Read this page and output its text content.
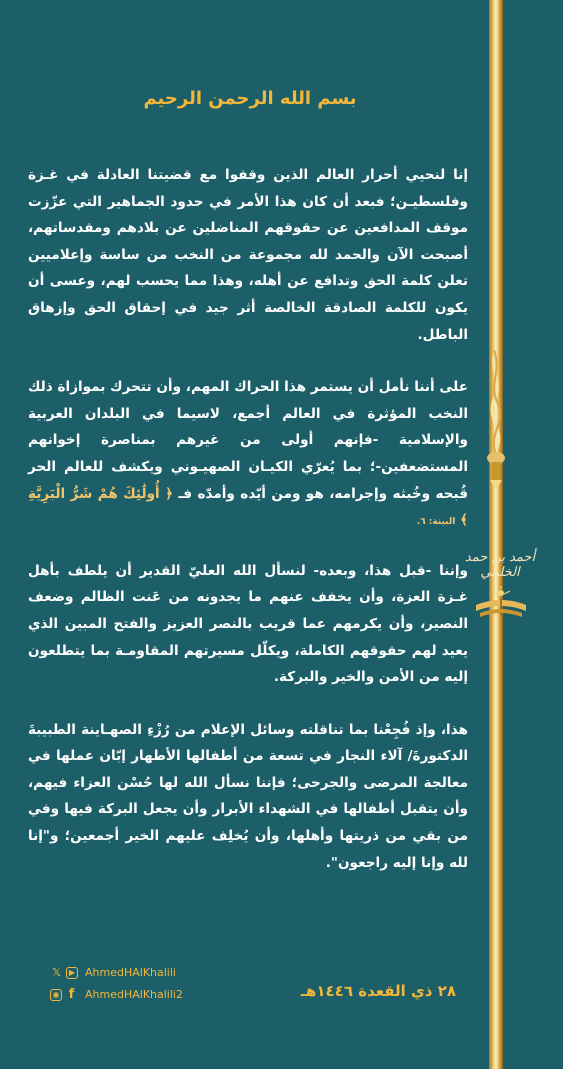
أحمد بن حمد الخليلي
بسم الله الرحمن الرحيم

إنا لنحيي أحرار العالم الذين وقفوا مع قضيتنا العادلة في غـزة وفلسطيـن؛ فبعد أن كان هذا الأمر في حدود الجماهير التي عزّزت موقف المدافعين عن حقوقهم المناضلين عن بلادهم ومقدساتهم، أصبحت الآن والحمد لله مجموعة من النخب من ساسة وإعلاميين تعلن كلمة الحق وتدافع عن أهله، وهذا مما يحسب لهم، وعسى أن يكون للكلمة الصادقة الخالصة أثر جيد في إحقاق الحق وإزهاق الباطل.

على أننا نأمل أن يستمر هذا الحراك المهم، وأن تتحرك بموازاة ذلك النخب المؤثرة في العالم أجمع، لاسيما في البلدان العربية والإسلامية -فإنهم أولى من غيرهم بمناصرة إخوانهم المستضعفين-؛ بما يُعرّي الكيـان الصهيـوني ويكشف للعالم الحر قُبحه وخُبثه وإجرامه، هو ومن أيّده وأمدّه فـ ﴿ أُولَٰئِكَ هُمْ شَرُّ الْبَرِيَّةِ ﴾ البينة: ٦.

وإننا -قبل هذا، وبعده- لنسأل الله العليّ القدير أن يلطف بأهل غـزة العزة، وأن يخفف عنهم ما يجدونه من عَنت الظالم وضعف النصير، وأن يكرمهم عما قريب بالنصر العزيز والفتح المبين الذي يعيد لهم حقوقهم الكاملة، ويكلّل مسيرتهم المقاومـة بما يتطلعون إليه من الأمن والخير والبركة.

هذا، وإذ فُجِعْنا بما تناقلته وسائل الإعلام من رُزْءِ الصهـاينة الطبيبةَ الدكتورةَ/ آلاء النجار في تسعة من أطفالها الأطهار إبّان عملها في معالجة المرضى والجرحى؛ فإننا نسأل الله لها حُسْن العزاء فيهم، وأن يتقبل أطفالها في الشهداء الأبرار وأن يجعل البركة فيها وفي من بقي من ذريتها وأهلها، وأن يُخلِف عليهم الخير أجمعين؛ و"إنا لله وإنا إليه راجعون".

𝕏 ▶ AhmedHAlKhalili
◉ f AhmedHAlKhalili2	٢٨ ذي القعدة ١٤٤٦هـ
